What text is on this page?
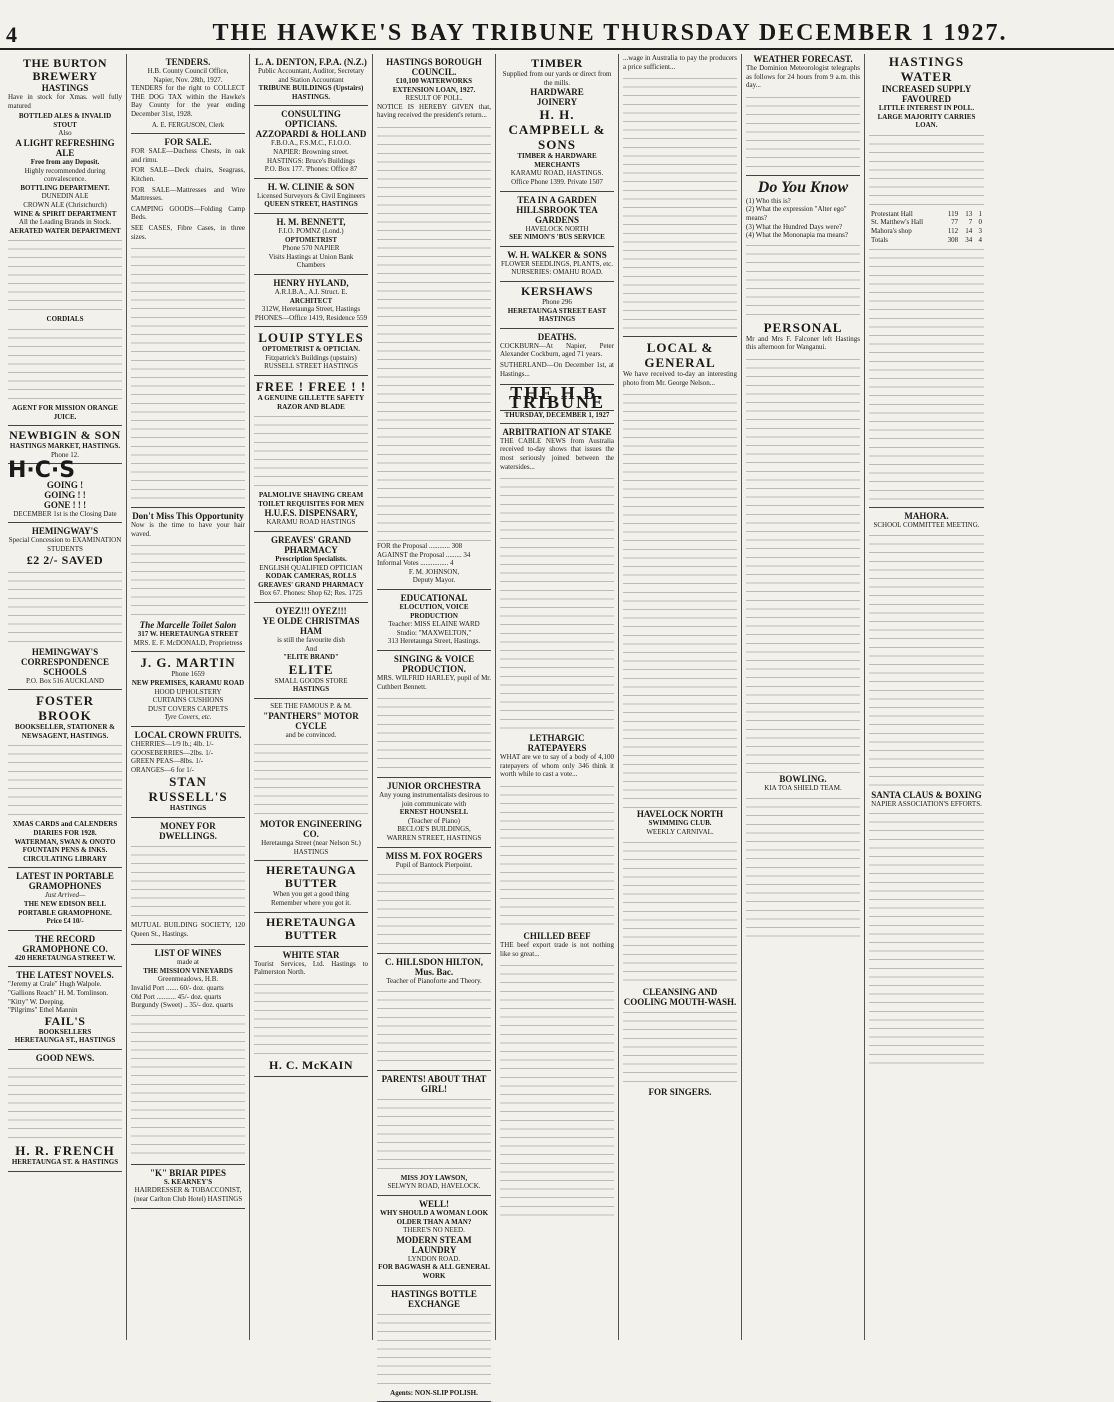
4	THE HAWKE'S BAY TRIBUNE THURSDAY DECEMBER 1 1927.
THE BURTON BREWERY
HASTINGS

Have in stock for Xmas. well fully matured

BOTTLED ALES & INVALID STOUT
Also
A LIGHT REFRESHING ALE
Free from any Deposit.
Highly recommended during convalescence.
BOTTLING DEPARTMENT.
DUNEDIN ALE
CROWN ALE (Christchurch)
WINE & SPIRIT DEPARTMENT
All the Leading Brands in Stock.
AERATED WATER DEPARTMENT
CORDIALS
AGENT FOR MISSION ORANGE JUICE.
NEWBIGIN & SON
HASTINGS MARKET, HASTINGS.
Phone 12.
H·C·S
GOING !
GOING ! !
GONE ! ! !
DECEMBER 1st is the Closing Date
HEMINGWAY'S
Special Concession to EXAMINATION STUDENTS
£2 2/- SAVED
HEMINGWAY'S CORRESPONDENCE SCHOOLS
P.O. Box 516 AUCKLAND
FOSTER BROOK
BOOKSELLER, STATIONER & NEWSAGENT, HASTINGS.
XMAS CARDS and CALENDERS DIARIES FOR 1928.
WATERMAN, SWAN & ONOTO FOUNTAIN PENS & INKS.
CIRCULATING LIBRARY
LATEST IN PORTABLE GRAMOPHONES
Just Arrived—
THE NEW EDISON BELL PORTABLE GRAMOPHONE.
Price £4 10/-
THE RECORD GRAMOPHONE CO.
420 HERETAUNGA STREET W.
THE LATEST NOVELS.
"Jeremy at Crale" Hugh Walpole.
"Gallions Reach" H. M. Tomlinson.
"Kitty" W. Deeping.
"Pilgrims" Ethel Mannin
FAIL'S
BOOKSELLERS
HERETAUNGA ST., HASTINGS
GOOD NEWS.
H. R. FRENCH
HERETAUNGA ST. & HASTINGS
TENDERS.
H.B. County Council Office,
Napier, Nov. 28th, 1927.

TENDERS for the right to COLLECT THE DOG TAX within the Hawke's Bay County for the year ending December 31st, 1928.

A. E. FERGUSON, Clerk
FOR SALE.

FOR SALE—Duchess Chests, in oak and rimu.

FOR SALE—Deck chairs, Seagrass, Kitchen.

FOR SALE—Mattresses and Wire Mattresses.

CAMPING GOODS—Folding Camp Beds.

SEE CASES, Fibre Cases, in three sizes.

Don't Miss This Opportunity

Now is the time to have your hair waved.

The Marcelle Toilet Salon
317 W. HERETAUNGA STREET
MRS. E. F. McDONALD, Proprietress
J. G. MARTIN
Phone 1659
NEW PREMISES, KARAMU ROAD
HOOD UPHOLSTERY
CURTAINS CUSHIONS
DUST COVERS CARPETS
Tyre Covers, etc.
LOCAL CROWN FRUITS.
CHERRIES—1/9 lb.; 4lb. 1/-
GOOSEBERRIES—2lbs. 1/-
GREEN PEAS—8lbs. 1/-
ORANGES—6 for 1/-
STAN RUSSELL'S
HASTINGS
MONEY FOR DWELLINGS.

MUTUAL BUILDING SOCIETY, 120 Queen St., Hastings.

LIST OF WINES
made at
THE MISSION VINEYARDS
Greenmeadows, H.B.
Invalid Port ....... 60/- doz. quarts
Old Port ........... 45/- doz. quarts
Burgundy (Sweet) .. 35/- doz. quarts
"K" BRIAR PIPES
S. KEARNEY'S
HAIRDRESSER & TOBACCONIST,
(near Carlton Club Hotel) HASTINGS
L. A. DENTON, F.P.A. (N.Z.)
Public Accountant, Auditor, Secretary and Station Accountant
TRIBUNE BUILDINGS (Upstairs) HASTINGS.
CONSULTING OPTICIANS.
AZZOPARDI & HOLLAND
F.B.O.A., F.S.M.C., F.I.O.O.
NAPIER: Browning street.
HASTINGS: Bruce's Buildings
P.O. Box 177. 'Phones: Office 87
H. W. CLINIE & SON
Licensed Surveyors & Civil Engineers
QUEEN STREET, HASTINGS
H. M. BENNETT,
F.I.O. POMNZ (Lond.)
OPTOMETRIST
Phone 570 NAPIER
Visits Hastings at Union Bank Chambers
HENRY HYLAND,
A.R.I.B.A., A.I. Struct. E.
ARCHITECT
312W, Heretaunga Street, Hastings
PHONES—Office 1419, Residence 559
LOUIP STYLES
OPTOMETRIST & OPTICIAN.
Fitzpatrick's Buildings (upstairs)
RUSSELL STREET HASTINGS
FREE ! FREE ! !
A GENUINE GILLETTE SAFETY RAZOR AND BLADE
PALMOLIVE SHAVING CREAM
TOILET REQUISITES FOR MEN
H.U.F.S. DISPENSARY,
KARAMU ROAD HASTINGS
GREAVES' GRAND PHARMACY
Prescription Specialists.
ENGLISH QUALIFIED OPTICIAN
KODAK CAMERAS, ROLLS
GREAVES' GRAND PHARMACY
Box 67. Phones: Shop 62; Res. 1725
OYEZ!!! OYEZ!!!
YE OLDE CHRISTMAS HAM
is still the favourite dish
And
"ELITE BRAND"
ELITE
SMALL GOODS STORE
HASTINGS
SEE THE FAMOUS P. & M.
"PANTHERS" MOTOR CYCLE
and be convinced.
MOTOR ENGINEERING CO.
Heretaunga Street (near Nelson St.) HASTINGS
HERETAUNGA BUTTER
When you get a good thing
Remember where you got it.
HERETAUNGA BUTTER
WHITE STAR

Tourist Services, Ltd. Hastings to Palmerston North.

H. C. McKAIN
HASTINGS BOROUGH COUNCIL.
£10,100 WATERWORKS EXTENSION LOAN, 1927.
RESULT OF POLL.

NOTICE IS HEREBY GIVEN that, having received the president's return...

FOR the Proposal ............ 308
AGAINST the Proposal ......... 34
Informal Votes ................ 4
F. M. JOHNSON,
Deputy Mayor.
EDUCATIONAL
ELOCUTION, VOICE PRODUCTION
Teacher: MISS ELAINE WARD
Studio: "MAXWELTON,"
313 Heretaunga Street, Hastings.
SINGING & VOICE PRODUCTION.

MRS. WILFRID HARLEY, pupil of Mr. Cuthbert Bennett.

JUNIOR ORCHESTRA
Any young instrumentalists desirous to join communicate with
ERNEST HOUNSELL
(Teacher of Piano)
BECLOE'S BUILDINGS,
WARREN STREET, HASTINGS
MISS M. FOX ROGERS
Pupil of Bantock Pierpoint.
C. HILLSDON HILTON, Mus. Bac.
Teacher of Pianoforte and Theory.
PARENTS! ABOUT THAT GIRL!
MISS JOY LAWSON,
SELWYN ROAD, HAVELOCK.
WELL!
WHY SHOULD A WOMAN LOOK OLDER THAN A MAN?
THERE'S NO NEED.
MODERN STEAM LAUNDRY
LYNDON ROAD.
FOR BAGWASH & ALL GENERAL WORK
HASTINGS BOTTLE EXCHANGE
Agents: NON-SLIP POLISH.
TIMBER
Supplied from our yards or direct from the mills.
HARDWARE
JOINERY
H. H. CAMPBELL & SONS
TIMBER & HARDWARE MERCHANTS
KARAMU ROAD, HASTINGS.
Office Phone 1399. Private 1507
TEA IN A GARDEN
HILLSBROOK TEA GARDENS
HAVELOCK NORTH
SEE NIMON'S 'BUS SERVICE
W. H. WALKER & SONS
FLOWER SEEDLINGS, PLANTS, etc.
NURSERIES: OMAHU ROAD.
KERSHAWS
Phone 296
HERETAUNGA STREET EAST HASTINGS
DEATHS.

COCKBURN—At Napier, Peter Alexander Cockburn, aged 71 years.

SUTHERLAND—On December 1st, at Hastings...

THE H.B. TRIBUNE
THURSDAY, DECEMBER 1, 1927
ARBITRATION AT STAKE

THE CABLE NEWS from Australia received to-day shows that issues the most seriously joined between the watersides...

LETHARGIC RATEPAYERS

WHAT are we to say of a body of 4,100 ratepayers of whom only 346 think it worth while to cast a vote...

CHILLED BEEF

THE beef export trade is not nothing like so great...

...wage in Australia to pay the producers a price sufficient...

LOCAL & GENERAL

We have received to-day an interesting photo from Mr. George Nelson...

HAVELOCK NORTH
SWIMMING CLUB.
WEEKLY CARNIVAL.
CLEANSING AND COOLING MOUTH-WASH.
FOR SINGERS.
WEATHER FORECAST.

The Dominion Meteorologist telegraphs as follows for 24 hours from 9 a.m. this day...

Do You Know
(1) Who this is?
(2) What the expression "Alter ego" means?
(3) What the Hundred Days were?
(4) What the Mononapia ma means?
PERSONAL

Mr and Mrs F. Falconer left Hastings this afternoon for Wanganui.

BOWLING.
KIA TOA SHIELD TEAM.
HASTINGS WATER
INCREASED SUPPLY FAVOURED
LITTLE INTEREST IN POLL.
LARGE MAJORITY CARRIES LOAN.
Protestant Hall	119	13	1
St. Matthew's Hall	77	7	0
Mahora's shop	112	14	3
Totals	308	34	4
MAHORA.
SCHOOL COMMITTEE MEETING.
SANTA CLAUS & BOXING
NAPIER ASSOCIATION'S EFFORTS.
